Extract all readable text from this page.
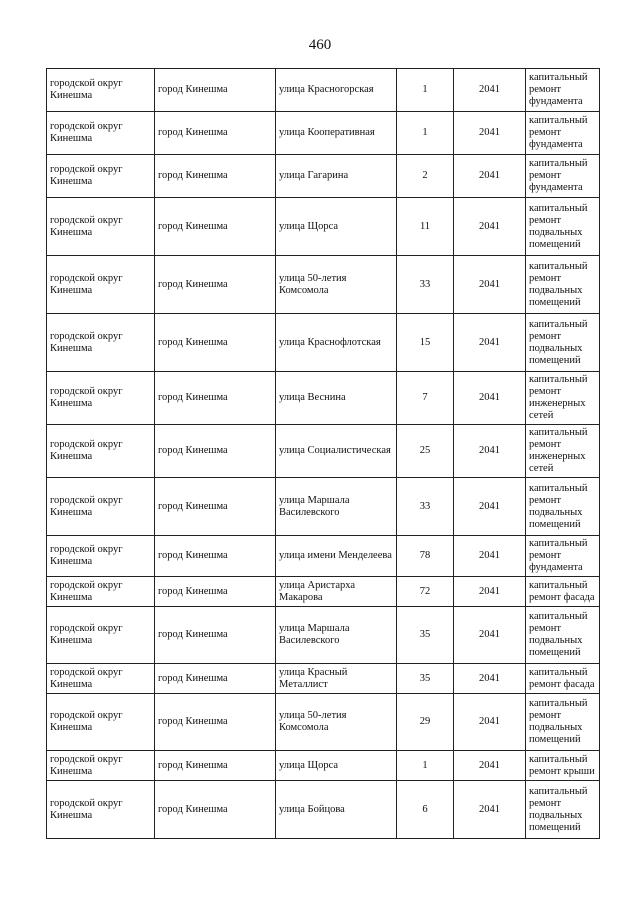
460
городской округ Кинешма	город Кинешма	улица Красногорская	1	2041	капитальный ремонт фундамента
городской округ Кинешма	город Кинешма	улица Кооперативная	1	2041	капитальный ремонт фундамента
городской округ Кинешма	город Кинешма	улица Гагарина	2	2041	капитальный ремонт фундамента
городской округ Кинешма	город Кинешма	улица Щорса	11	2041	капитальный ремонт подвальных помещений
городской округ Кинешма	город Кинешма	улица 50-летия Комсомола	33	2041	капитальный ремонт подвальных помещений
городской округ Кинешма	город Кинешма	улица Краснофлотская	15	2041	капитальный ремонт подвальных помещений
городской округ Кинешма	город Кинешма	улица Веснина	7	2041	капитальный ремонт инженерных сетей
городской округ Кинешма	город Кинешма	улица Социалистическая	25	2041	капитальный ремонт инженерных сетей
городской округ Кинешма	город Кинешма	улица Маршала Василевского	33	2041	капитальный ремонт подвальных помещений
городской округ Кинешма	город Кинешма	улица имени Менделеева	78	2041	капитальный ремонт фундамента
городской округ Кинешма	город Кинешма	улица Аристарха Макарова	72	2041	капитальный ремонт фасада
городской округ Кинешма	город Кинешма	улица Маршала Василевского	35	2041	капитальный ремонт подвальных помещений
городской округ Кинешма	город Кинешма	улица Красный Металлист	35	2041	капитальный ремонт фасада
городской округ Кинешма	город Кинешма	улица 50-летия Комсомола	29	2041	капитальный ремонт подвальных помещений
городской округ Кинешма	город Кинешма	улица Щорса	1	2041	капитальный ремонт крыши
городской округ Кинешма	город Кинешма	улица Бойцова	6	2041	капитальный ремонт подвальных помещений
